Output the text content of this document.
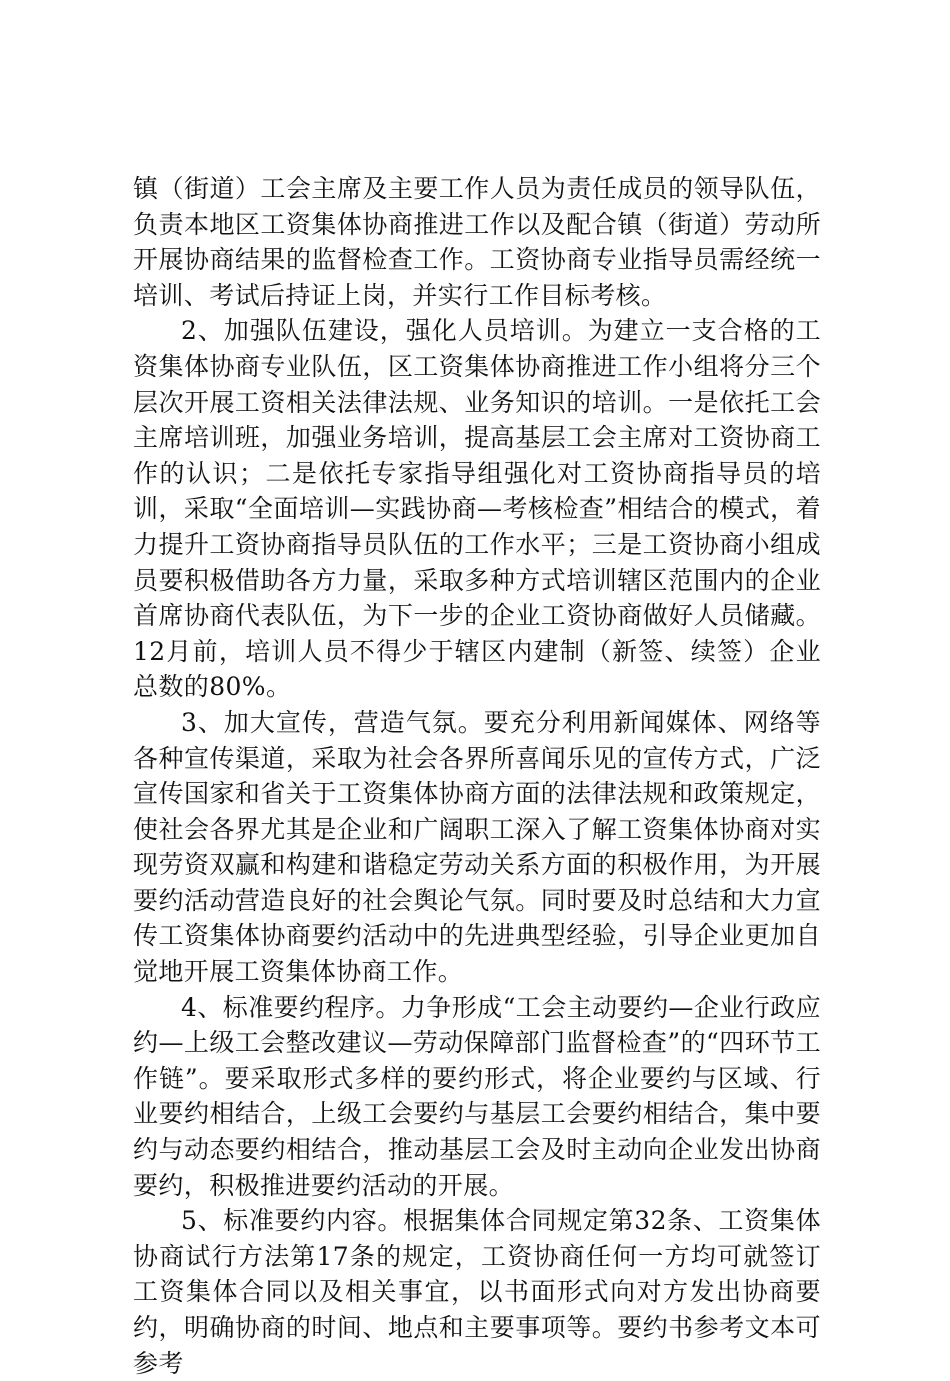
镇（街道）工会主席及主要工作人员为责任成员的领导队伍，负责本地区工资集体协商推进工作以及配合镇（街道）劳动所开展协商结果的监督检查工作。工资协商专业指导员需经统一培训、考试后持证上岗，并实行工作目标考核。

2、加强队伍建设，强化人员培训。为建立一支合格的工资集体协商专业队伍，区工资集体协商推进工作小组将分三个层次开展工资相关法律法规、业务知识的培训。一是依托工会主席培训班，加强业务培训，提高基层工会主席对工资协商工作的认识；二是依托专家指导组强化对工资协商指导员的培训，采取“全面培训—实践协商—考核检查”相结合的模式，着力提升工资协商指导员队伍的工作水平；三是工资协商小组成员要积极借助各方力量，采取多种方式培训辖区范围内的企业首席协商代表队伍，为下一步的企业工资协商做好人员储藏。12月前，培训人员不得少于辖区内建制（新签、续签）企业总数的80%。

3、加大宣传，营造气氛。要充分利用新闻媒体、网络等各种宣传渠道，采取为社会各界所喜闻乐见的宣传方式，广泛宣传国家和省关于工资集体协商方面的法律法规和政策规定，使社会各界尤其是企业和广阔职工深入了解工资集体协商对实现劳资双赢和构建和谐稳定劳动关系方面的积极作用，为开展要约活动营造良好的社会舆论气氛。同时要及时总结和大力宣传工资集体协商要约活动中的先进典型经验，引导企业更加自觉地开展工资集体协商工作。

4、标准要约程序。力争形成“工会主动要约—企业行政应约—上级工会整改建议—劳动保障部门监督检查”的“四环节工作链”。要采取形式多样的要约形式，将企业要约与区域、行业要约相结合，上级工会要约与基层工会要约相结合，集中要约与动态要约相结合，推动基层工会及时主动向企业发出协商要约，积极推进要约活动的开展。

5、标准要约内容。根据集体合同规定第32条、工资集体协商试行方法第17条的规定，工资协商任何一方均可就签订工资集体合同以及相关事宜，以书面形式向对方发出协商要约，明确协商的时间、地点和主要事项等。要约书参考文本可参考
